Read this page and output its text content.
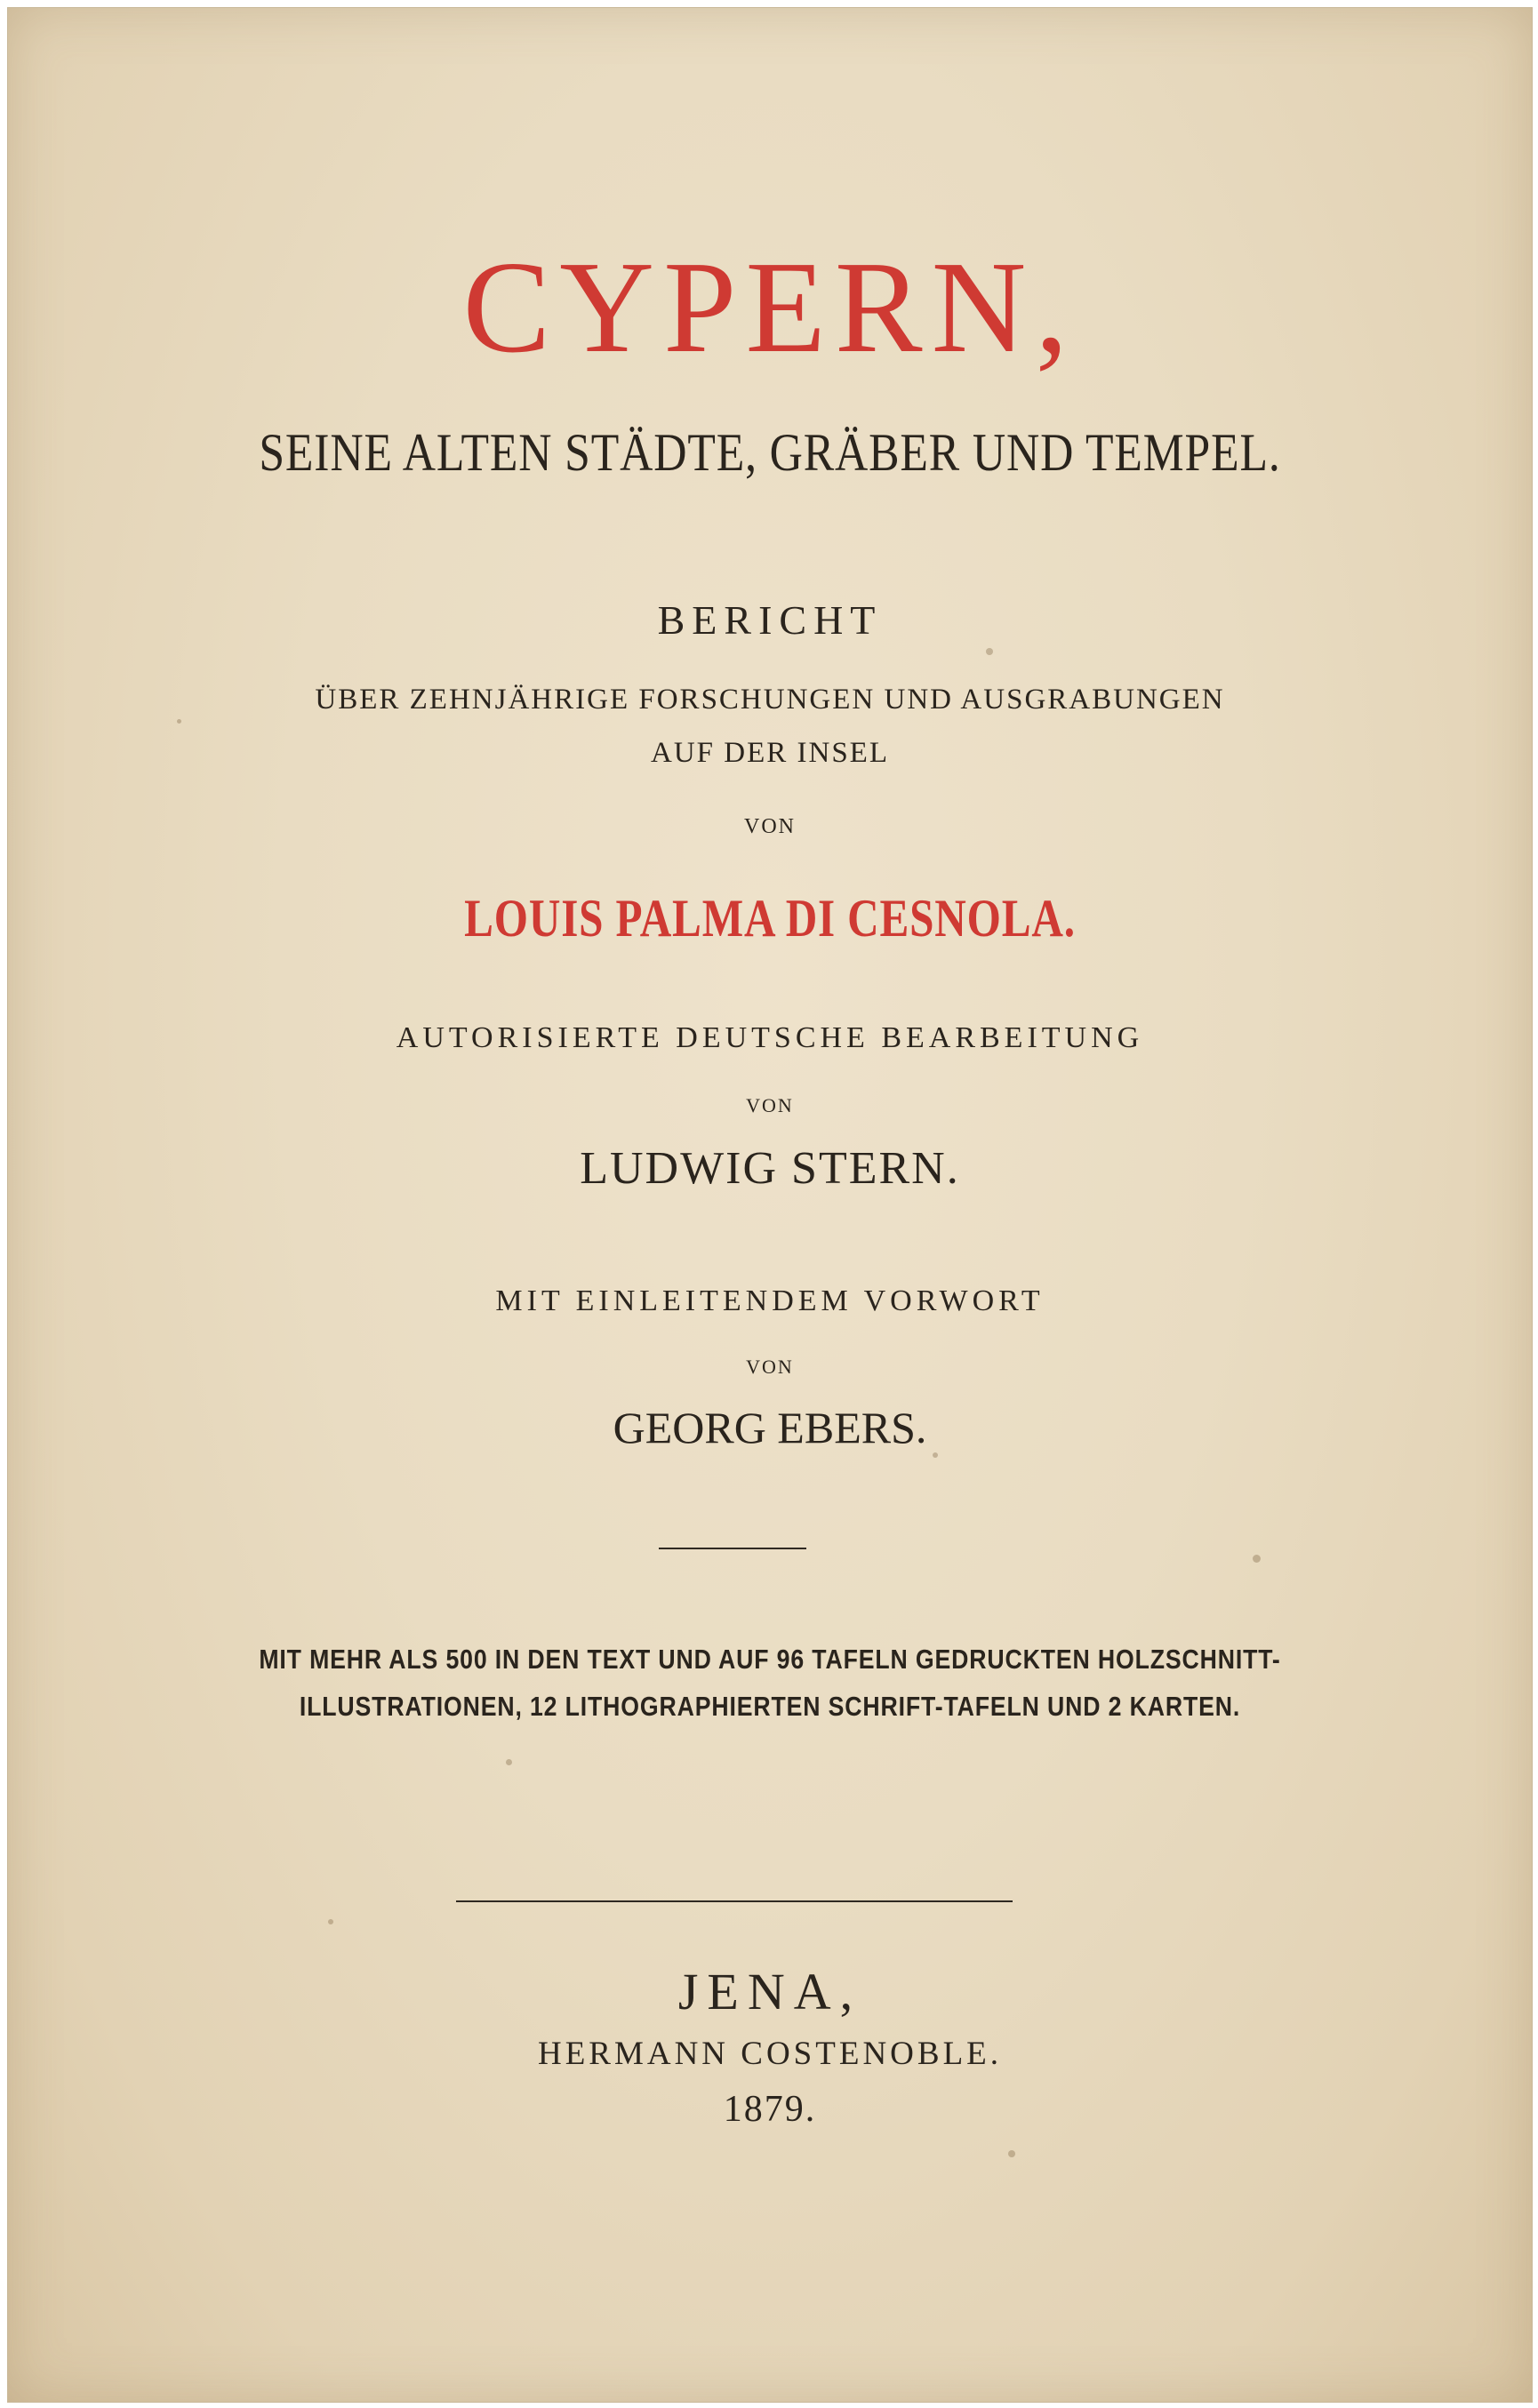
CYPERN,
SEINE ALTEN STÄDTE, GRÄBER UND TEMPEL.
BERICHT
ÜBER ZEHNJÄHRIGE FORSCHUNGEN UND AUSGRABUNGEN
AUF DER INSEL
VON
LOUIS PALMA DI CESNOLA.
AUTORISIERTE DEUTSCHE BEARBEITUNG
VON
LUDWIG STERN.
MIT EINLEITENDEM VORWORT
VON
GEORG EBERS.
MIT MEHR ALS 500 IN DEN TEXT UND AUF 96 TAFELN GEDRUCKTEN HOLZSCHNITT-
ILLUSTRATIONEN, 12 LITHOGRAPHIERTEN SCHRIFT-TAFELN UND 2 KARTEN.
JENA,
HERMANN COSTENOBLE.
1879.
